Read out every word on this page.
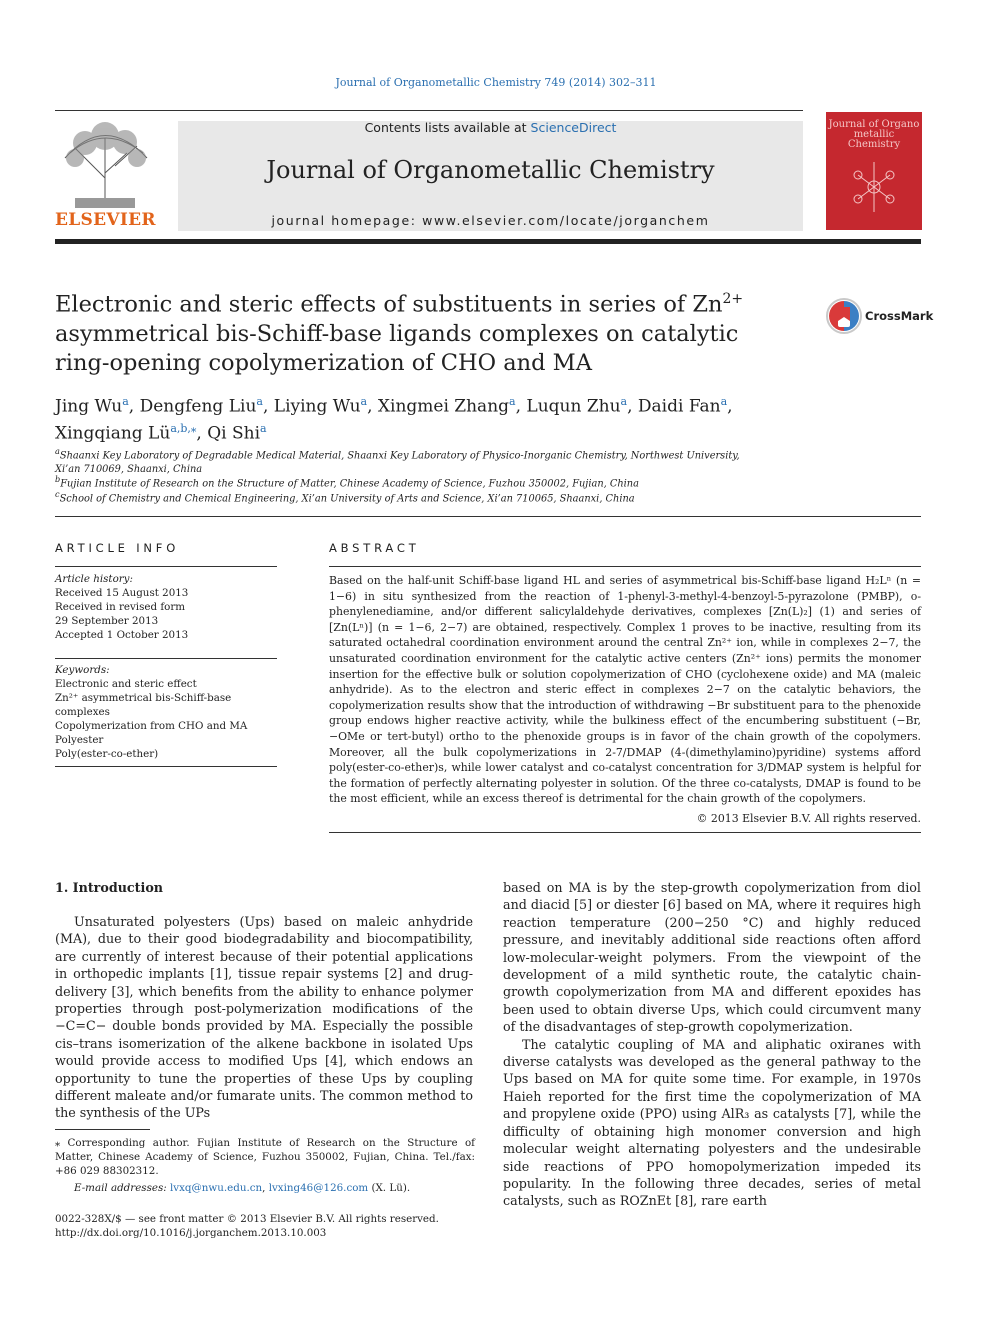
Journal of Organometallic Chemistry 749 (2014) 302–311
ELSEVIER
Contents lists available at ScienceDirect
Journal of Organometallic Chemistry
journal homepage: www.elsevier.com/locate/jorganchem
Journal of Organo metallic Chemistry
Electronic and steric effects of substituents in series of $Zn^{2+}$
asymmetrical bis-Schiff-base ligands complexes on catalytic
ring-opening copolymerization of CHO and MA
CrossMark
Jing Wu$^a$, Dengfeng Liu$^a$, Liying Wu$^a$, Xingmei Zhang$^a$, Luqun Zhu$^a$, Daidi Fan$^a$,
Xingqiang $Lü^{a,b,⁎}$, Qi Shi$^a$
$^a$Shaanxi Key Laboratory of Degradable Medical Material, Shaanxi Key Laboratory of Physico-Inorganic Chemistry, Northwest University,
Xi’an 710069, Shaanxi, China
$^b$Fujian Institute of Research on the Structure of Matter, Chinese Academy of Science, Fuzhou 350002, Fujian, China
$^c$School of Chemistry and Chemical Engineering, Xi’an University of Arts and Science, Xi’an 710065, Shaanxi, China
ARTICLE INFO
Article history:
Received 15 August 2013
Received in revised form
29 September 2013
Accepted 1 October 2013
Keywords:
Electronic and steric effect
Zn²⁺ asymmetrical bis-Schiff-base
complexes
Copolymerization from CHO and MA
Polyester
Poly(ester-co-ether)
ABSTRACT
Based on the half-unit Schiff-base ligand HL and series of asymmetrical bis-Schiff-base ligand H₂Lⁿ (n = 1−6) in situ synthesized from the reaction of 1-phenyl-3-methyl-4-benzoyl-5-pyrazolone (PMBP), o-phenylenediamine, and/or different salicylaldehyde derivatives, complexes [Zn(L)₂] (1) and series of [Zn(Lⁿ)] (n = 1−6, 2−7) are obtained, respectively. Complex 1 proves to be inactive, resulting from its saturated octahedral coordination environment around the central Zn²⁺ ion, while in complexes 2−7, the unsaturated coordination environment for the catalytic active centers (Zn²⁺ ions) permits the monomer insertion for the effective bulk or solution copolymerization of CHO (cyclohexene oxide) and MA (maleic anhydride). As to the electron and steric effect in complexes 2−7 on the catalytic behaviors, the copolymerization results show that the introduction of withdrawing −Br substituent para to the phenoxide group endows higher reactive activity, while the bulkiness effect of the encumbering substituent (−Br, −OMe or tert-butyl) ortho to the phenoxide groups is in favor of the chain growth of the copolymers. Moreover, all the bulk copolymerizations in 2-7/DMAP (4-(dimethylamino)pyridine) systems afford poly(ester-co-ether)s, while lower catalyst and co-catalyst concentration for 3/DMAP system is helpful for the formation of perfectly alternating polyester in solution. Of the three co-catalysts, DMAP is found to be the most efficient, while an excess thereof is detrimental for the chain growth of the copolymers.
© 2013 Elsevier B.V. All rights reserved.
1. Introduction

Unsaturated polyesters (Ups) based on maleic anhydride (MA), due to their good biodegradability and biocompatibility, are currently of interest because of their potential applications in orthopedic implants [1], tissue repair systems [2] and drug-delivery [3], which benefits from the ability to enhance polymer properties through post-polymerization modifications of the −C=C− double bonds provided by MA. Especially the possible cis–trans isomerization of the alkene backbone in isolated Ups would provide access to modified Ups [4], which endows an opportunity to tune the properties of these Ups by coupling different maleate and/or fumarate units. The common method to the synthesis of the UPs

based on MA is by the step-growth copolymerization from diol and diacid [5] or diester [6] based on MA, where it requires high reaction temperature (200−250 °C) and highly reduced pressure, and inevitably additional side reactions often afford low-molecular-weight polymers. From the viewpoint of the development of a mild synthetic route, the catalytic chain-growth copolymerization from MA and different epoxides has been used to obtain diverse Ups, which could circumvent many of the disadvantages of step-growth copolymerization.

The catalytic coupling of MA and aliphatic oxiranes with diverse catalysts was developed as the general pathway to the Ups based on MA for quite some time. For example, in 1970s Haieh reported for the first time the copolymerization of MA and propylene oxide (PPO) using AlR₃ as catalysts [7], while the difficulty of obtaining high monomer conversion and high molecular weight alternating polyesters and the undesirable side reactions of PPO homopolymerization impeded its popularity. In the following three decades, series of metal catalysts, such as ROZnEt [8], rare earth

⁎ Corresponding author. Fujian Institute of Research on the Structure of Matter, Chinese Academy of Science, Fuzhou 350002, Fujian, China. Tel./fax: +86 029 88302312.
E-mail addresses: lvxq@nwu.edu.cn, lvxing46@126.com (X. Lü).
0022-328X/$ — see front matter © 2013 Elsevier B.V. All rights reserved.
http://dx.doi.org/10.1016/j.jorganchem.2013.10.003
